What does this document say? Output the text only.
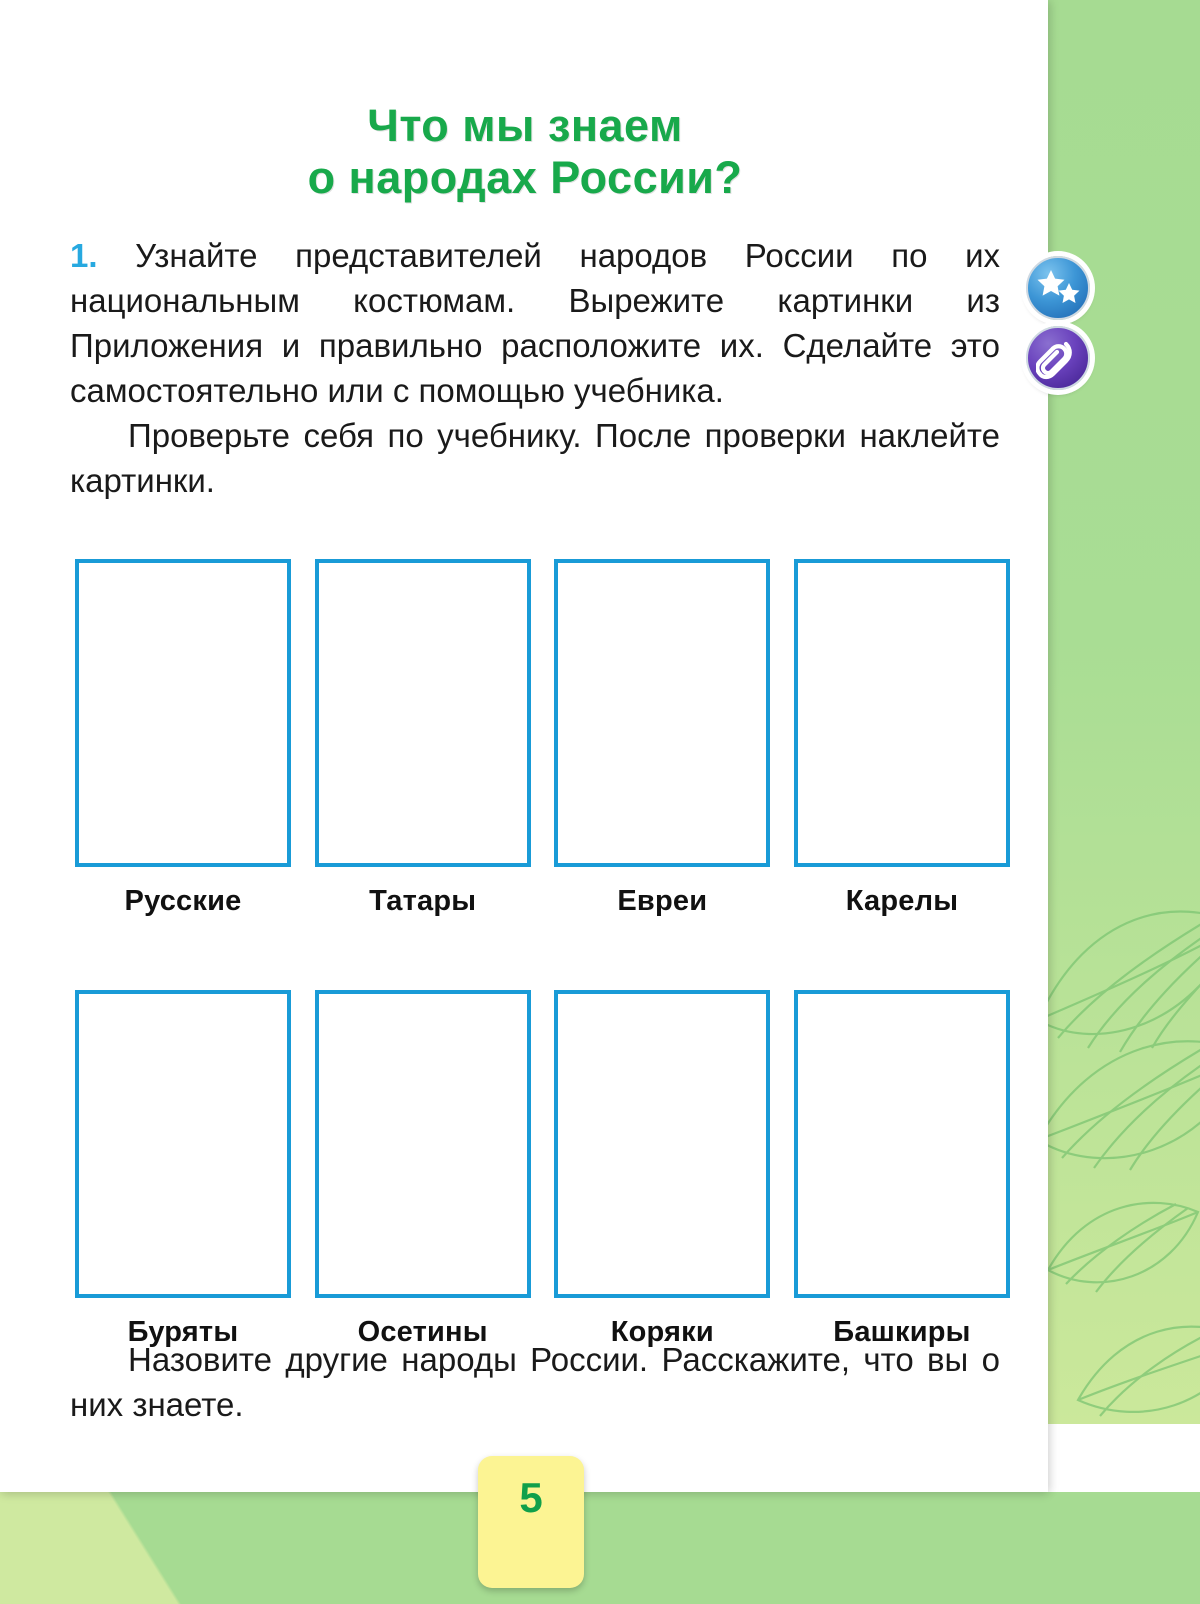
Что мы знаем
о народах России?

1. Узнайте представителей народов России по их национальным костюмам. Вырежите картинки из Приложения и правильно расположите их. Сделайте это самостоятельно или с помощью учебника.

Проверьте себя по учебнику. После проверки наклейте картинки.

Русские	Татары	Евреи	Карелы
Буряты	Осетины	Коряки	Башкиры

Назовите другие народы России. Расскажите, что вы о них знаете.

5
